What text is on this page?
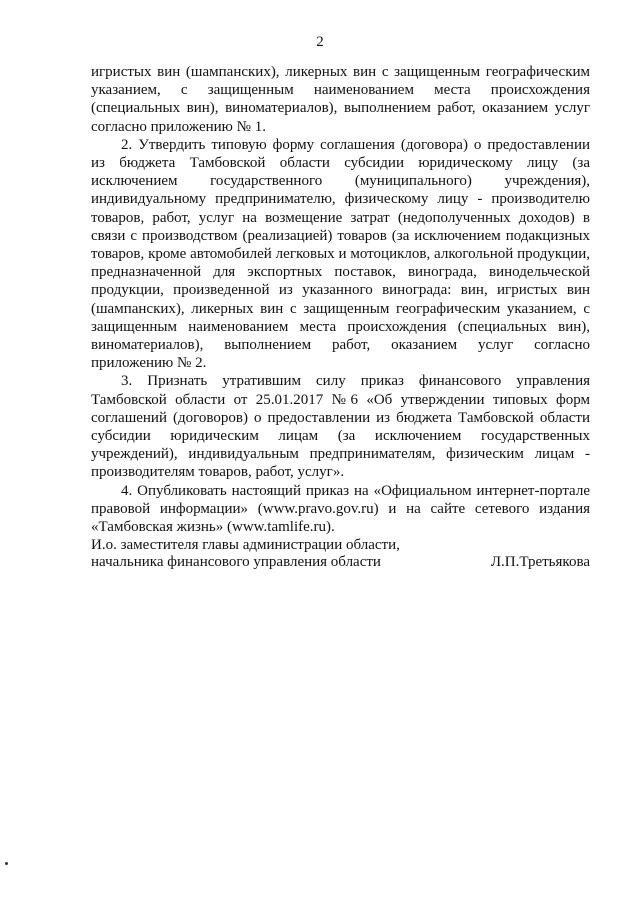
2

игристых вин (шампанских), ликерных вин с защищенным географическим указанием, с защищенным наименованием места происхождения (специальных вин), виноматериалов), выполнением работ, оказанием услуг согласно приложению № 1.

2. Утвердить типовую форму соглашения (договора) о предоставлении из бюджета Тамбовской области субсидии юридическому лицу (за исключением государственного (муниципального) учреждения), индивидуальному предпринимателю, физическому лицу - производителю товаров, работ, услуг на возмещение затрат (недополученных доходов) в связи с производством (реализацией) товаров (за исключением подакцизных товаров, кроме автомобилей легковых и мотоциклов, алкогольной продукции, предназначенной для экспортных поставок, винограда, винодельческой продукции, произведенной из указанного винограда: вин, игристых вин (шампанских), ликерных вин с защищенным географическим указанием, с защищенным наименованием места происхождения (специальных вин), виноматериалов), выполнением работ, оказанием услуг согласно приложению № 2.

3. Признать утратившим силу приказ финансового управления Тамбовской области от 25.01.2017 №6 «Об утверждении типовых форм соглашений (договоров) о предоставлении из бюджета Тамбовской области субсидии юридическим лицам (за исключением государственных учреждений), индивидуальным предпринимателям, физическим лицам - производителям товаров, работ, услуг».

4. Опубликовать настоящий приказ на «Официальном интернет-портале правовой информации» (www.pravo.gov.ru) и на сайте сетевого издания «Тамбовская жизнь» (www.tamlife.ru).

И.о. заместителя главы администрации области,
начальника финансового управления области	Л.П.Третьякова
